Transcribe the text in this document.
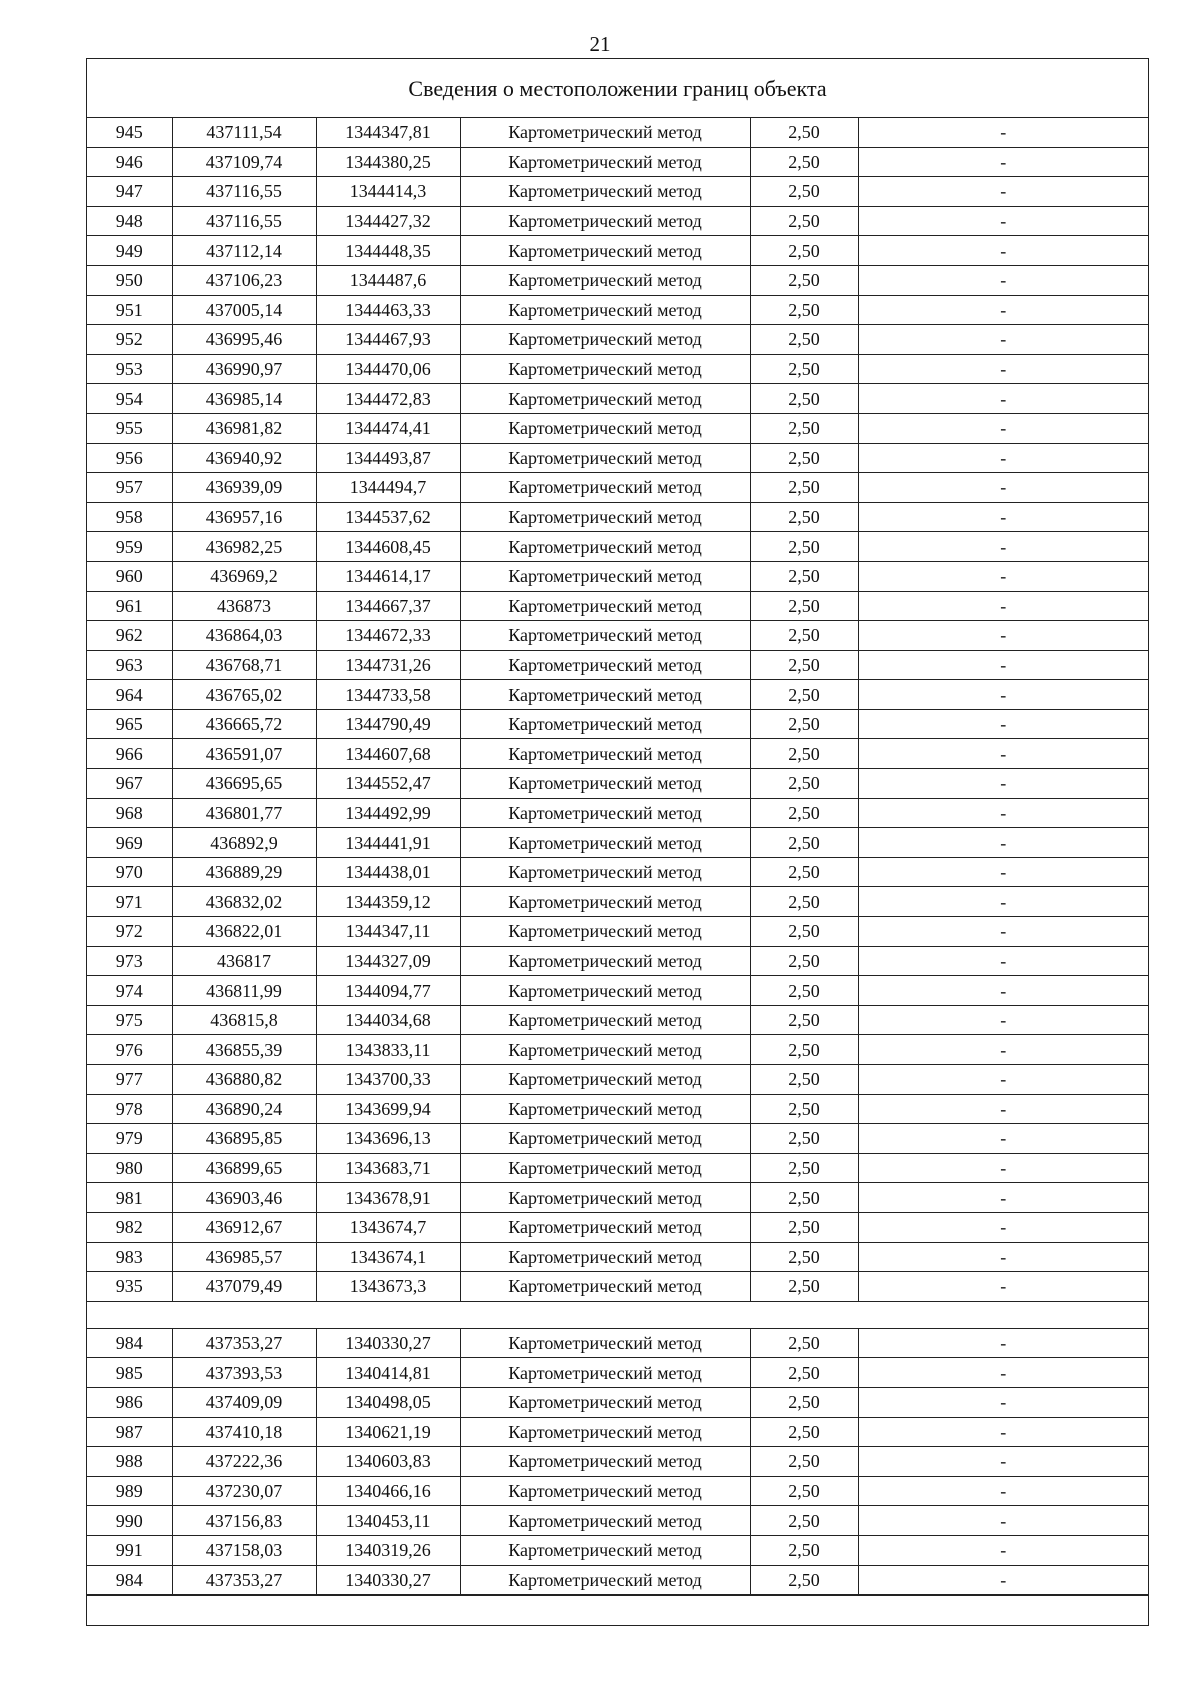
21
Сведения о местоположении границ объекта
945	437111,54	1344347,81	Картометрический метод	2,50	-
946	437109,74	1344380,25	Картометрический метод	2,50	-
947	437116,55	1344414,3	Картометрический метод	2,50	-
948	437116,55	1344427,32	Картометрический метод	2,50	-
949	437112,14	1344448,35	Картометрический метод	2,50	-
950	437106,23	1344487,6	Картометрический метод	2,50	-
951	437005,14	1344463,33	Картометрический метод	2,50	-
952	436995,46	1344467,93	Картометрический метод	2,50	-
953	436990,97	1344470,06	Картометрический метод	2,50	-
954	436985,14	1344472,83	Картометрический метод	2,50	-
955	436981,82	1344474,41	Картометрический метод	2,50	-
956	436940,92	1344493,87	Картометрический метод	2,50	-
957	436939,09	1344494,7	Картометрический метод	2,50	-
958	436957,16	1344537,62	Картометрический метод	2,50	-
959	436982,25	1344608,45	Картометрический метод	2,50	-
960	436969,2	1344614,17	Картометрический метод	2,50	-
961	436873	1344667,37	Картометрический метод	2,50	-
962	436864,03	1344672,33	Картометрический метод	2,50	-
963	436768,71	1344731,26	Картометрический метод	2,50	-
964	436765,02	1344733,58	Картометрический метод	2,50	-
965	436665,72	1344790,49	Картометрический метод	2,50	-
966	436591,07	1344607,68	Картометрический метод	2,50	-
967	436695,65	1344552,47	Картометрический метод	2,50	-
968	436801,77	1344492,99	Картометрический метод	2,50	-
969	436892,9	1344441,91	Картометрический метод	2,50	-
970	436889,29	1344438,01	Картометрический метод	2,50	-
971	436832,02	1344359,12	Картометрический метод	2,50	-
972	436822,01	1344347,11	Картометрический метод	2,50	-
973	436817	1344327,09	Картометрический метод	2,50	-
974	436811,99	1344094,77	Картометрический метод	2,50	-
975	436815,8	1344034,68	Картометрический метод	2,50	-
976	436855,39	1343833,11	Картометрический метод	2,50	-
977	436880,82	1343700,33	Картометрический метод	2,50	-
978	436890,24	1343699,94	Картометрический метод	2,50	-
979	436895,85	1343696,13	Картометрический метод	2,50	-
980	436899,65	1343683,71	Картометрический метод	2,50	-
981	436903,46	1343678,91	Картометрический метод	2,50	-
982	436912,67	1343674,7	Картометрический метод	2,50	-
983	436985,57	1343674,1	Картометрический метод	2,50	-
935	437079,49	1343673,3	Картометрический метод	2,50	-

984	437353,27	1340330,27	Картометрический метод	2,50	-
985	437393,53	1340414,81	Картометрический метод	2,50	-
986	437409,09	1340498,05	Картометрический метод	2,50	-
987	437410,18	1340621,19	Картометрический метод	2,50	-
988	437222,36	1340603,83	Картометрический метод	2,50	-
989	437230,07	1340466,16	Картометрический метод	2,50	-
990	437156,83	1340453,11	Картометрический метод	2,50	-
991	437158,03	1340319,26	Картометрический метод	2,50	-
984	437353,27	1340330,27	Картометрический метод	2,50	-
